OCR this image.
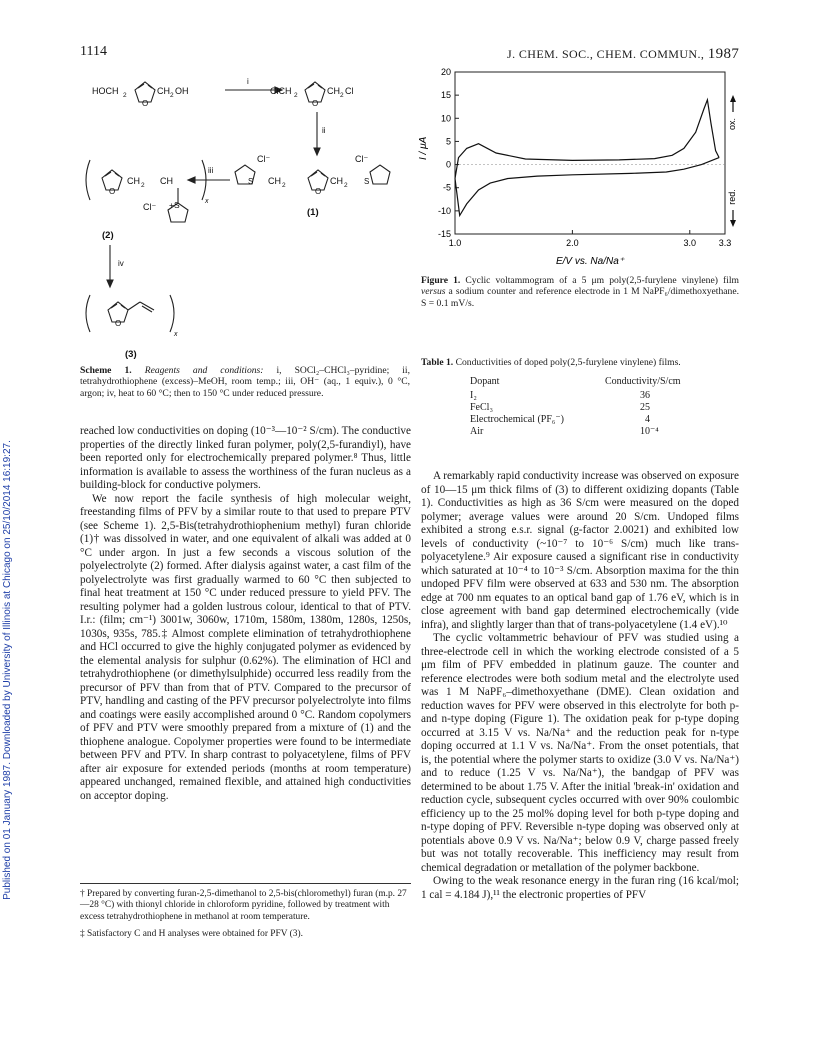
Published on 01 January 1987. Downloaded by University of Illinois at Chicago on 25/10/2014 16:19:27.
1114	J. CHEM. SOC., CHEM. COMMUN., 1987
HOCH 2	CH 2 OH
O
i
ClCH 2	CH 2 Cl
O
ii
Cl⁻	Cl⁻
S CH 2	CH 2 S
O
(1)
iii
CH 2 CH
+S	x
O
Cl⁻
(2)
iv
O
x
(3)
Scheme 1. Reagents and conditions: i, SOCl₂–CHCl₃–pyridine; ii, tetrahydrothiophene (excess)–MeOH, room temp.; iii, OH⁻ (aq., 1 equiv.), 0 °C, argon; iv, heat to 60 °C; then to 150 °C under reduced pressure.

reached low conductivities on doping (10⁻³—10⁻² S/cm). The conductive properties of the directly linked furan polymer, poly(2,5-furandiyl), have been reported only for electrochemically prepared polymer.⁸ Thus, little information is available to assess the worthiness of the furan nucleus as a building-block for conductive polymers.

We now report the facile synthesis of high molecular weight, freestanding films of PFV by a similar route to that used to prepare PTV (see Scheme 1). 2,5-Bis(tetrahydrothiophenium methyl) furan chloride (1)† was dissolved in water, and one equivalent of alkali was added at 0 °C under argon. In just a few seconds a viscous solution of the polyelectrolyte (2) formed. After dialysis against water, a cast film of the polyelectrolyte was first gradually warmed to 60 °C then subjected to final heat treatment at 150 °C under reduced pressure to yield PFV. The resulting polymer had a golden lustrous colour, identical to that of PTV. I.r.: (film; cm⁻¹) 3001w, 3060w, 1710m, 1580m, 1380m, 1280s, 1250s, 1030s, 935s, 785.‡ Almost complete elimination of tetrahydrothiophene and HCl occurred to give the highly conjugated polymer as evidenced by the elemental analysis for sulphur (0.62%). The elimination of HCl and tetrahydrothiophene (or dimethylsulphide) occurred less readily from the precursor of PFV than from that of PTV. Compared to the precursor of PTV, handling and casting of the PFV precursor polyelectrolyte into films and coatings were easily accomplished around 0 °C. Random copolymers of PFV and PTV were smoothly prepared from a mixture of (1) and the thiophene analogue. Copolymer properties were found to be intermediate between PFV and PTV. In sharp contrast to polyacetylene, films of PFV after air exposure for extended periods (months at room temperature) appeared unchanged, remained flexible, and attained high conductivities on acceptor doping.

† Prepared by converting furan-2,5-dimethanol to 2,5-bis(chloromethyl) furan (m.p. 27—28 °C) with thionyl chloride in chloroform pyridine, followed by treatment with excess tetrahydrothiophene in methanol at room temperature.
‡ Satisfactory C and H analyses were obtained for PFV (3).
20
15
10
5
0
-5
-10
-15
1.0	2.0	3.0	3.3
I / μA
E/V vs. Na/Na⁺
ox.
red.
Figure 1. Cyclic voltammogram of a 5 μm poly(2,5-furylene vinylene) film versus a sodium counter and reference electrode in 1 M NaPF₆/dimethoxyethane. S = 0.1 mV/s.
Table 1. Conductivities of doped poly(2,5-furylene vinylene) films.
Dopant	Conductivity/S/cm
I₂	36
FeCl₃	25
Electrochemical (PF₆⁻)	4
Air	10⁻⁴

A remarkably rapid conductivity increase was observed on exposure of 10—15 μm thick films of (3) to different oxidizing dopants (Table 1). Conductivities as high as 36 S/cm were measured on the doped polymer; average values were around 20 S/cm. Undoped films exhibited a strong e.s.r. signal (g-factor 2.0021) and exhibited low levels of conductivity (~10⁻⁷ to 10⁻⁶ S/cm) much like trans-polyacetylene.⁹ Air exposure caused a significant rise in conductivity which saturated at 10⁻⁴ to 10⁻³ S/cm. Absorption maxima for the thin undoped PFV film were observed at 633 and 530 nm. The absorption edge at 700 nm equates to an optical band gap of 1.76 eV, which is in close agreement with band gap determined electrochemically (vide infra), and slightly larger than that of trans-polyacetylene (1.4 eV).¹⁰

The cyclic voltammetric behaviour of PFV was studied using a three-electrode cell in which the working electrode consisted of a 5 μm film of PFV embedded in platinum gauze. The counter and reference electrodes were both sodium metal and the electrolyte used was 1 M NaPF₆–dimethoxyethane (DME). Clean oxidation and reduction waves for PFV were observed in this electrolyte for both p- and n-type doping (Figure 1). The oxidation peak for p-type doping occurred at 3.15 V vs. Na/Na⁺ and the reduction peak for n-type doping occurred at 1.1 V vs. Na/Na⁺. From the onset potentials, that is, the potential where the polymer starts to oxidize (3.0 V vs. Na/Na⁺) and to reduce (1.25 V vs. Na/Na⁺), the bandgap of PFV was determined to be about 1.75 V. After the initial 'break-in' oxidation and reduction cycle, subsequent cycles occurred with over 90% coulombic efficiency up to the 25 mol% doping level for both p-type doping and n-type doping of PFV. Reversible n-type doping was observed only at potentials above 0.9 V vs. Na/Na⁺; below 0.9 V, charge passed freely but was not totally recoverable. This inefficiency may result from chemical degradation or metallation of the polymer backbone.

Owing to the weak resonance energy in the furan ring (16 kcal/mol; 1 cal = 4.184 J),¹¹ the electronic properties of PFV
